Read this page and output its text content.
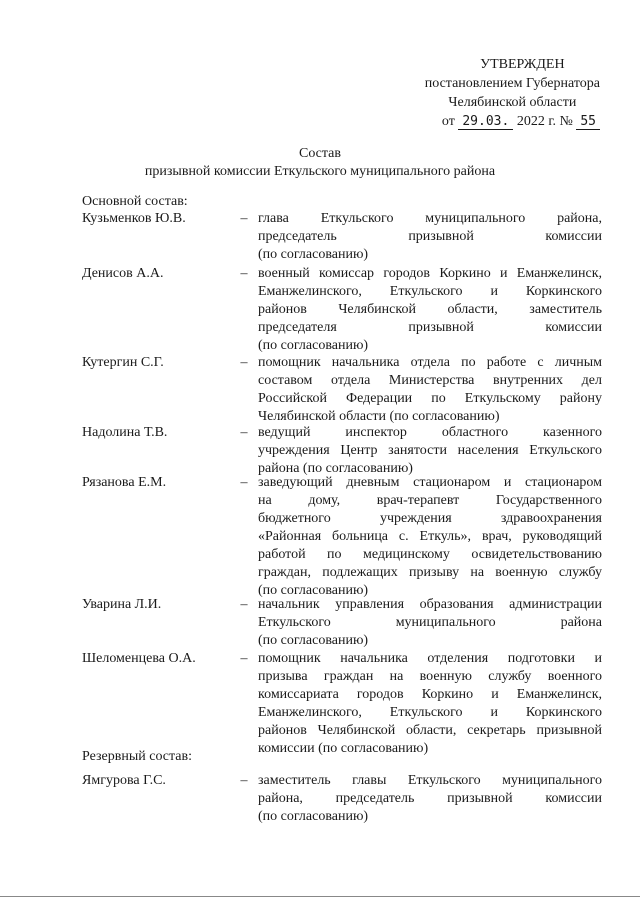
УТВЕРЖДЕН
постановлением Губернатора
Челябинской области
от 29.03. 2022 г. № 55
Состав
призывной комиссии Еткульского муниципального района
Основной состав:
Кузьменков Ю.В.	– глава Еткульского муниципального района,
председатель призывной комиссии
(по согласованию)
Денисов А.А.	– военный комиссар городов Коркино и Еманжелинск,
Еманжелинского, Еткульского и Коркинского
районов Челябинской области, заместитель
председателя призывной комиссии
(по согласованию)
Кутергин С.Г.	– помощник начальника отдела по работе с личным
составом отдела Министерства внутренних дел
Российской Федерации по Еткульскому району
Челябинской области (по согласованию)
Надолина Т.В.	– ведущий инспектор областного казенного
учреждения Центр занятости населения Еткульского
района (по согласованию)
Рязанова Е.М.	– заведующий дневным стационаром и стационаром
на дому, врач-терапевт Государственного
бюджетного учреждения здравоохранения
«Районная больница с. Еткуль», врач, руководящий
работой по медицинскому освидетельствованию
граждан, подлежащих призыву на военную службу
(по согласованию)
Уварина Л.И.	– начальник управления образования администрации
Еткульского муниципального района
(по согласованию)
Шеломенцева О.А.	– помощник начальника отделения подготовки и
призыва граждан на военную службу военного
комиссариата городов Коркино и Еманжелинск,
Еманжелинского, Еткульского и Коркинского
районов Челябинской области, секретарь призывной
комиссии (по согласованию)
Резервный состав:
Ямгурова Г.С.	– заместитель главы Еткульского муниципального
района, председатель призывной комиссии
(по согласованию)
